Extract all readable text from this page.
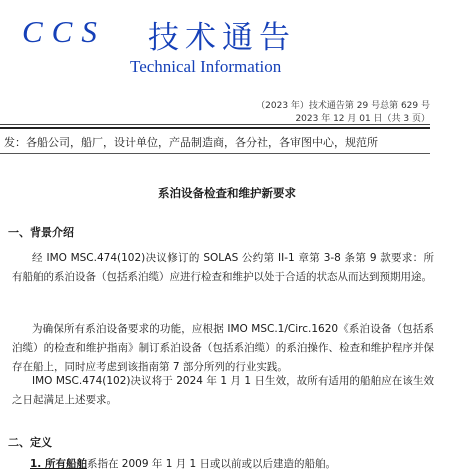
CCS 技术通告
Technical Information
（2023 年）技术通告第 29 号总第 629 号
2023 年 12 月 01 日（共 3 页）
发：各船公司，船厂，设计单位，产品制造商，各分社，各审图中心，规范所
系泊设备检查和维护新要求
一、背景介绍
经 IMO MSC.474(102)决议修订的 SOLAS 公约第 II-1 章第 3-8 条第 9 款要求：所有船舶的系泊设备（包括系泊缆）应进行检查和维护以处于合适的状态从而达到预期用途。
为确保所有系泊设备要求的功能，应根据 IMO MSC.1/Circ.1620《系泊设备（包括系泊缆）的检查和维护指南》制订系泊设备（包括系泊缆）的系泊操作、检查和维护程序并保存在船上，同时应考虑到该指南第 7 部分所列的行业实践。
IMO MSC.474(102)决议将于 2024 年 1 月 1 日生效，故所有适用的船舶应在该生效之日起满足上述要求。
二、定义
1. 所有船舶系指在 2009 年 1 月 1 日或以前或以后建造的船舶。
